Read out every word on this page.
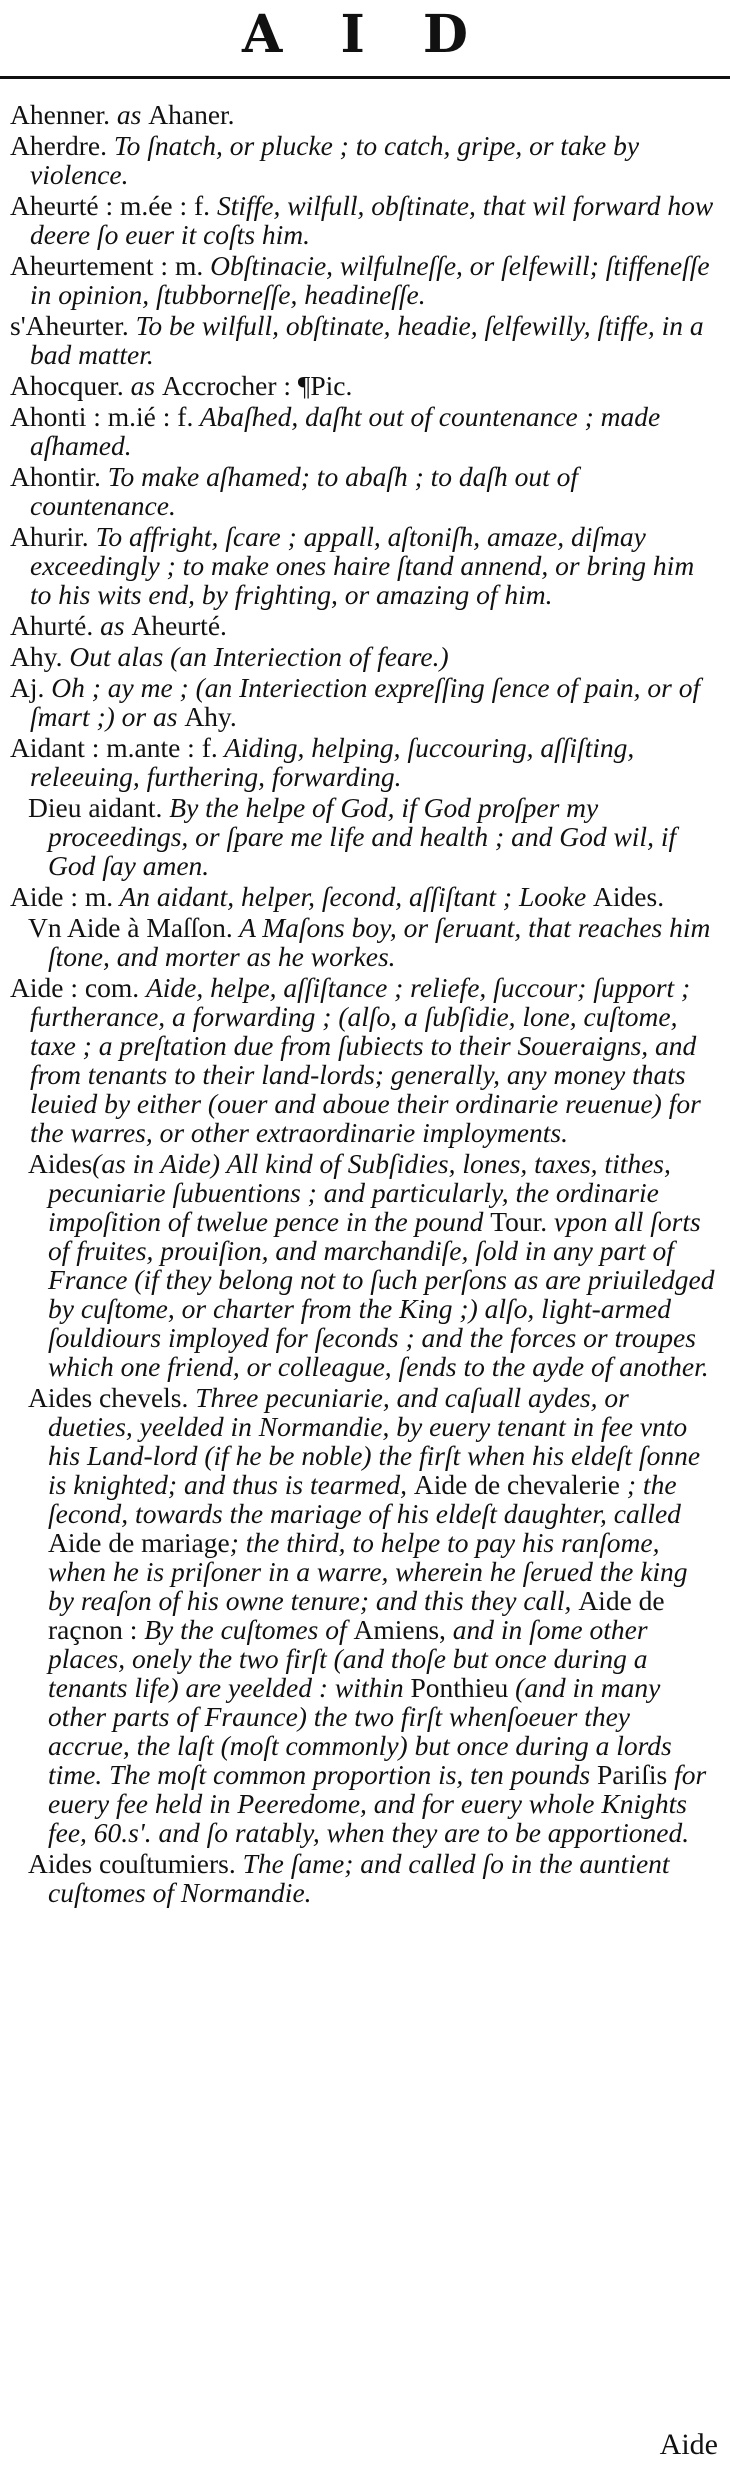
A I D
Ahenner. as Ahaner.
Aherdre. To ſnatch, or plucke ; to catch, gripe, or take by violence.
Aheurté : m.ée : f. Stiffe, wilfull, obſtinate, that wil forward how deere ſo euer it coſts him.
Aheurtement : m. Obſtinacie, wilfulneſſe, or ſelfewill; ſtiffeneſſe in opinion, ſtubborneſſe, headineſſe.
s'Aheurter. To be wilfull, obſtinate, headie, ſelfewilly, ſtiffe, in a bad matter.
Ahocquer. as Accrocher : ¶Pic.
Ahonti : m.ié : f. Abaſhed, daſht out of countenance ; made aſhamed.
Ahontir. To make aſhamed; to abaſh ; to daſh out of countenance.
Ahurir. To affright, ſcare ; appall, aſtoniſh, amaze, diſmay exceedingly ; to make ones haire ſtand annend, or bring him to his wits end, by frighting, or amazing of him.
Ahurté. as Aheurté.
Ahy. Out alas (an Interiection of feare.)
Aj. Oh ; ay me ; (an Interiection expreſſing ſence of pain, or of ſmart ;) or as Ahy.
Aidant : m.ante : f. Aiding, helping, ſuccouring, aſſiſting, releeuing, furthering, forwarding.
Dieu aidant. By the helpe of God, if God proſper my proceedings, or ſpare me life and health ; and God wil, if God ſay amen.
Aide : m. An aidant, helper, ſecond, aſſiſtant ; Looke Aides.
Vn Aide à Maſſon. A Maſons boy, or ſeruant, that reaches him ſtone, and morter as he workes.
Aide : com. Aide, helpe, aſſiſtance ; reliefe, ſuccour; ſupport ; furtherance, a forwarding ; (alſo, a ſubſidie, lone, cuſtome, taxe ; a preſtation due from ſubiects to their Soueraigns, and from tenants to their land-lords; generally, any money thats leuied by either (ouer and aboue their ordinarie reuenue) for the warres, or other extraordinarie imployments.
Aides(as in Aide) All kind of Subſidies, lones, taxes, tithes, pecuniarie ſubuentions ; and particularly, the ordinarie impoſition of twelue pence in the pound Tour. vpon all ſorts of fruites, prouiſion, and marchandiſe, ſold in any part of France (if they belong not to ſuch perſons as are priuiledged by cuſtome, or charter from the King ;) alſo, light-armed ſouldiours imployed for ſeconds ; and the forces or troupes which one friend, or colleague, ſends to the ayde of another.
Aides chevels. Three pecuniarie, and caſuall aydes, or dueties, yeelded in Normandie, by euery tenant in fee vnto his Land-lord (if he be noble) the firſt when his eldeſt ſonne is knighted; and thus is tearmed, Aide de chevalerie ; the ſecond, towards the mariage of his eldeſt daughter, called Aide de mariage; the third, to helpe to pay his ranſome, when he is priſoner in a warre, wherein he ſerued the king by reaſon of his owne tenure; and this they call, Aide de raçnon : By the cuſtomes of Amiens, and in ſome other places, onely the two firſt (and thoſe but once during a tenants life) are yeelded : within Ponthieu (and in many other parts of Fraunce) the two firſt whenſoeuer they accrue, the laſt (moſt commonly) but once during a lords time. The moſt common proportion is, ten pounds Pariſis for euery fee held in Peeredome, and for euery whole Knights fee, 60.s'. and ſo ratably, when they are to be apportioned.
Aides couſtumiers. The ſame; and called ſo in the auntient cuſtomes of Normandie.
Aide
